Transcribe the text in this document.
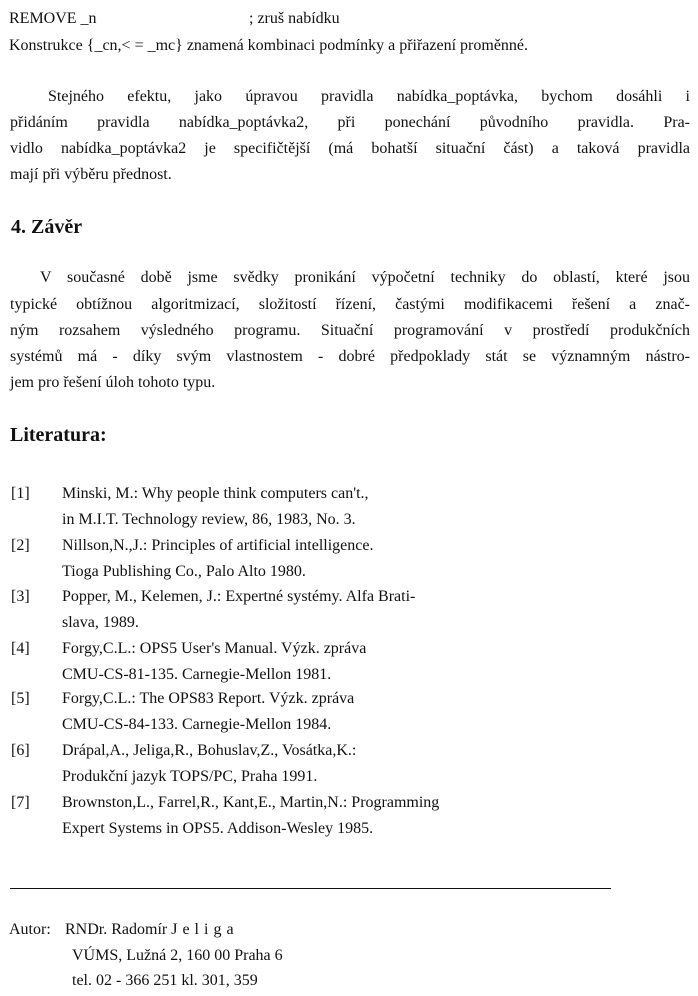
REMOVE _n	; zruš nabídku
Konstrukce {_cn,< = _mc} znamená kombinaci podmínky a přiřazení proměnné.
Stejného efektu, jako úpravou pravidla nabídka_poptávka, bychom dosáhli i
přidáním pravidla nabídka_poptávka2, při ponechání původního pravidla. Pra-
vidlo nabídka_poptávka2 je specifičtější (má bohatší situační část) a taková pravidla
mají při výběru přednost.
4. Závěr
V současné době jsme svědky pronikání výpočetní techniky do oblastí, které jsou
typické obtížnou algoritmizací, složitostí řízení, častými modifikacemi řešení a znač-
ným rozsahem výsledného programu. Situační programování v prostředí produkčních
systémů má - díky svým vlastnostem - dobré předpoklady stát se významným nástro-
jem pro řešení úloh tohoto typu.
Literatura:
[1] Minski, M.: Why people think computers can't.,
in M.I.T. Technology review, 86, 1983, No. 3.
[2] Nillson,N.,J.: Principles of artificial intelligence.
Tioga Publishing Co., Palo Alto 1980.
[3] Popper, M., Kelemen, J.: Expertné systémy. Alfa Brati-
slava, 1989.
[4] Forgy,C.L.: OPS5 User's Manual. Výzk. zpráva
CMU-CS-81-135. Carnegie-Mellon 1981.
[5] Forgy,C.L.: The OPS83 Report. Výzk. zpráva
CMU-CS-84-133. Carnegie-Mellon 1984.
[6] Drápal,A., Jeliga,R., Bohuslav,Z., Vosátka,K.:
Produkční jazyk TOPS/PC, Praha 1991.
[7] Brownston,L., Farrel,R., Kant,E., Martin,N.: Programming
Expert Systems in OPS5. Addison-Wesley 1985.
Autor: RNDr. Radomír Jeliga
VÚMS, Lužná 2, 160 00 Praha 6
tel. 02 - 366 251 kl. 301, 359
